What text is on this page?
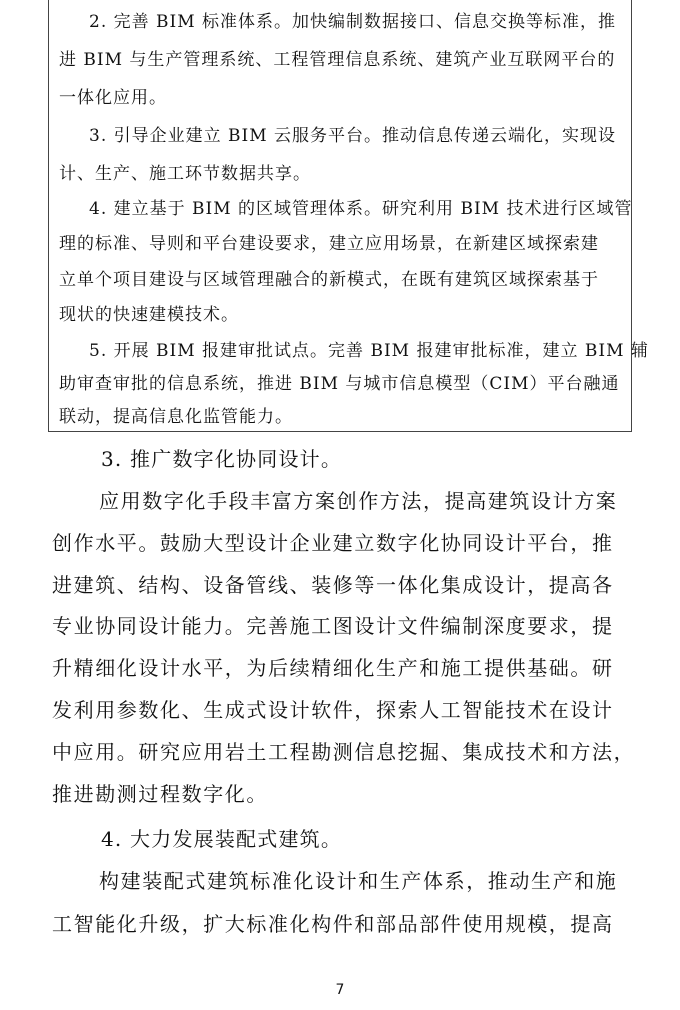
2. 完善 BIM 标准体系。加快编制数据接口、信息交换等标准，推
进 BIM 与生产管理系统、工程管理信息系统、建筑产业互联网平台的
一体化应用。
3. 引导企业建立 BIM 云服务平台。推动信息传递云端化，实现设
计、生产、施工环节数据共享。
4. 建立基于 BIM 的区域管理体系。研究利用 BIM 技术进行区域管
理的标准、导则和平台建设要求，建立应用场景，在新建区域探索建
立单个项目建设与区域管理融合的新模式，在既有建筑区域探索基于
现状的快速建模技术。
5. 开展 BIM 报建审批试点。完善 BIM 报建审批标准，建立 BIM 辅
助审查审批的信息系统，推进 BIM 与城市信息模型（CIM）平台融通
联动，提高信息化监管能力。
3. 推广数字化协同设计。
应用数字化手段丰富方案创作方法，提高建筑设计方案
创作水平。鼓励大型设计企业建立数字化协同设计平台，推
进建筑、结构、设备管线、装修等一体化集成设计，提高各
专业协同设计能力。完善施工图设计文件编制深度要求，提
升精细化设计水平，为后续精细化生产和施工提供基础。研
发利用参数化、生成式设计软件，探索人工智能技术在设计
中应用。研究应用岩土工程勘测信息挖掘、集成技术和方法，
推进勘测过程数字化。
4. 大力发展装配式建筑。
构建装配式建筑标准化设计和生产体系，推动生产和施
工智能化升级，扩大标准化构件和部品部件使用规模，提高
7
